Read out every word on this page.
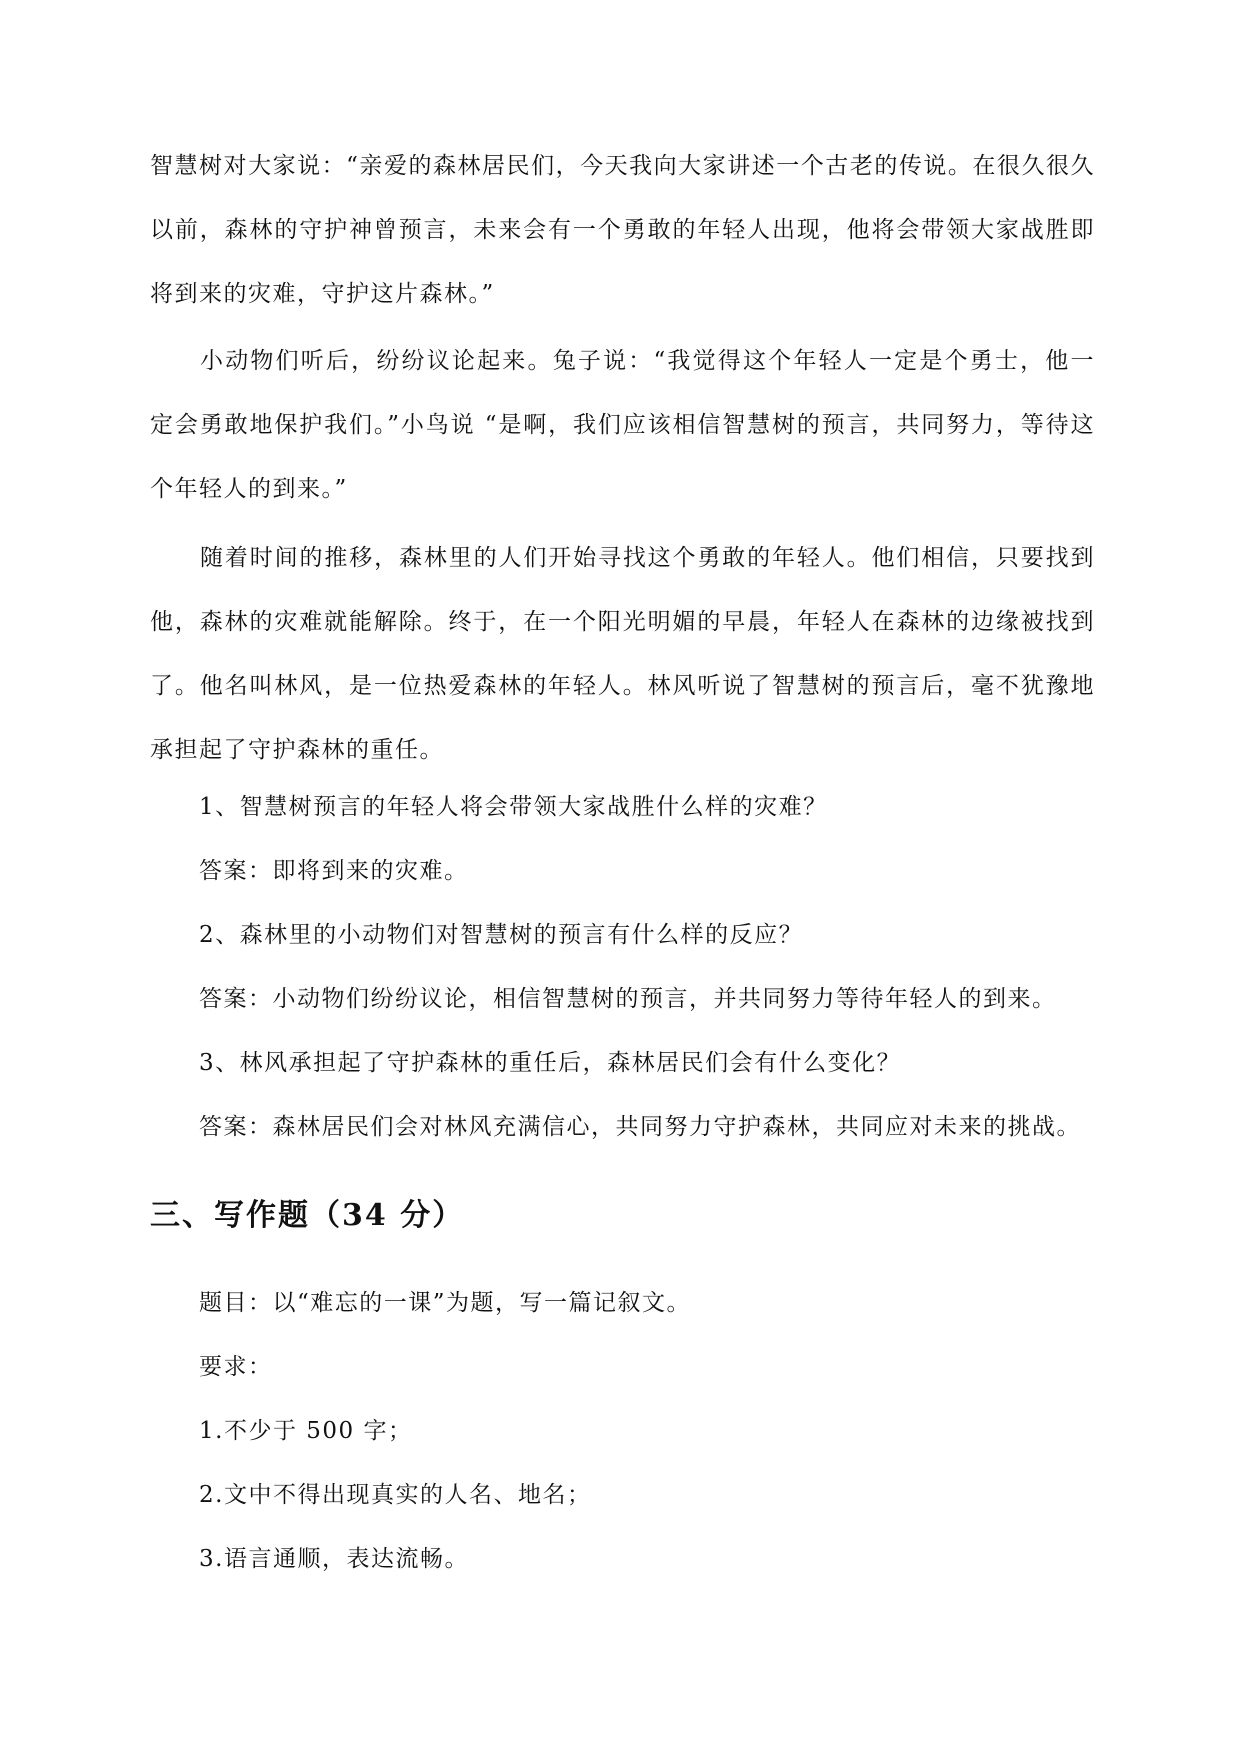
智慧树对大家说：“亲爱的森林居民们，今天我向大家讲述一个古老的传说。在很久很久以前，森林的守护神曾预言，未来会有一个勇敢的年轻人出现，他将会带领大家战胜即将到来的灾难，守护这片森林。”

小动物们听后，纷纷议论起来。兔子说：“我觉得这个年轻人一定是个勇士，他一定会勇敢地保护我们。”小鸟说 “是啊，我们应该相信智慧树的预言，共同努力，等待这个年轻人的到来。”

随着时间的推移，森林里的人们开始寻找这个勇敢的年轻人。他们相信，只要找到他，森林的灾难就能解除。终于，在一个阳光明媚的早晨，年轻人在森林的边缘被找到了。他名叫林风，是一位热爱森林的年轻人。林风听说了智慧树的预言后，毫不犹豫地承担起了守护森林的重任。

1、智慧树预言的年轻人将会带领大家战胜什么样的灾难？

答案：即将到来的灾难。

2、森林里的小动物们对智慧树的预言有什么样的反应？

答案：小动物们纷纷议论，相信智慧树的预言，并共同努力等待年轻人的到来。

3、林风承担起了守护森林的重任后，森林居民们会有什么变化？

答案：森林居民们会对林风充满信心，共同努力守护森林，共同应对未来的挑战。

三、写作题（34 分）

题目：以“难忘的一课”为题，写一篇记叙文。

要求：

1.不少于 500 字；

2.文中不得出现真实的人名、地名；

3.语言通顺，表达流畅。
